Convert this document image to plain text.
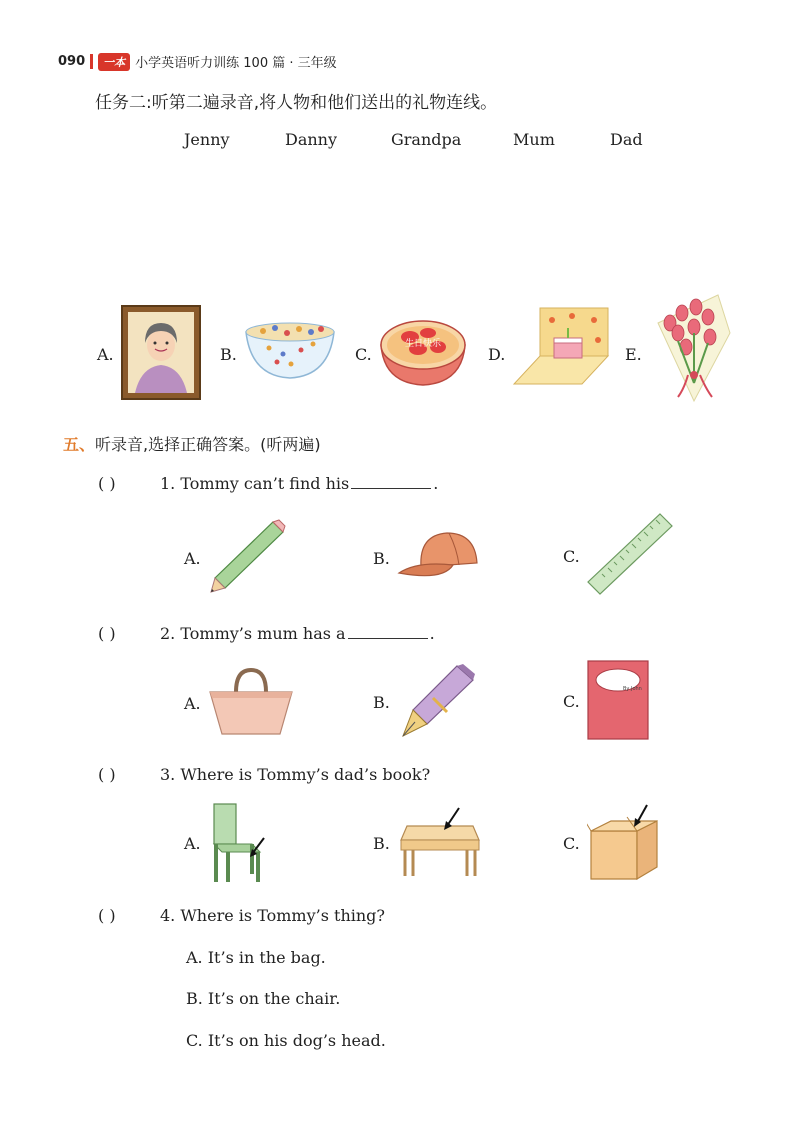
090	一本 小学英语听力训练 100 篇 · 三年级
任务二:听第二遍录音,将人物和他们送出的礼物连线。
Jenny	Danny	Grandpa	Mum	Dad
A.	B.	C.
生日快乐
D.	E.
五、听录音,选择正确答案。(听两遍)
( )	1. Tommy can’t find his	.
A.	B.	C.
( )	2. Tommy’s mum has a	.
A.	B.	C.
By John
( )	3. Where is Tommy’s dad’s book?
A.	B.	C.
( )	4. Where is Tommy’s thing?
A. It’s in the bag.
B. It’s on the chair.
C. It’s on his dog’s head.
